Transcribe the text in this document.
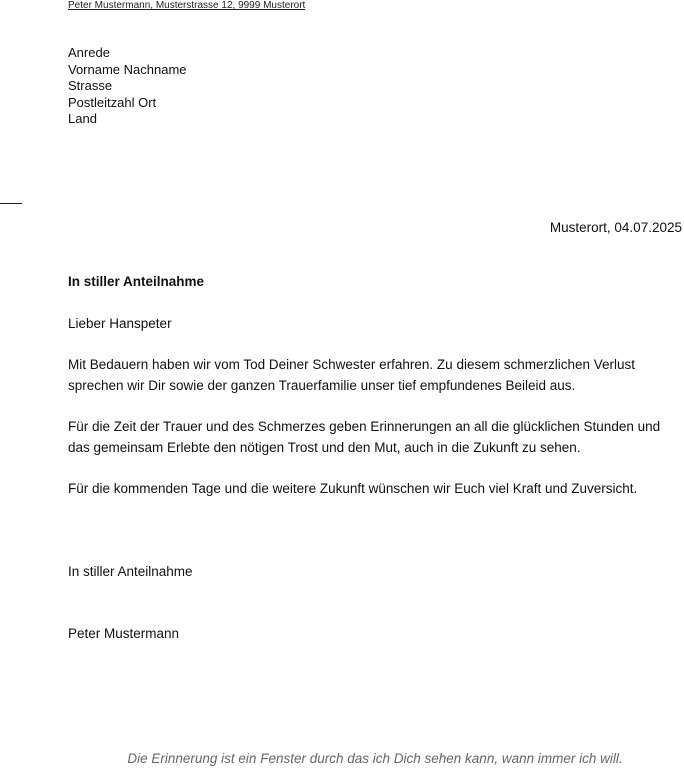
Peter Mustermann, Musterstrasse 12, 9999 Musterort
Anrede
Vorname Nachname
Strasse
Postleitzahl Ort
Land
Musterort, 04.07.2025
In stiller Anteilnahme
Lieber Hanspeter
Mit Bedauern haben wir vom Tod Deiner Schwester erfahren. Zu diesem schmerzlichen Verlust sprechen wir Dir sowie der ganzen Trauerfamilie unser tief empfundenes Beileid aus.
Für die Zeit der Trauer und des Schmerzes geben Erinnerungen an all die glücklichen Stunden und das gemeinsam Erlebte den nötigen Trost und den Mut, auch in die Zukunft zu sehen.
Für die kommenden Tage und die weitere Zukunft wünschen wir Euch viel Kraft und Zuversicht.
In stiller Anteilnahme
Peter Mustermann
Die Erinnerung ist ein Fenster durch das ich Dich sehen kann, wann immer ich will.
